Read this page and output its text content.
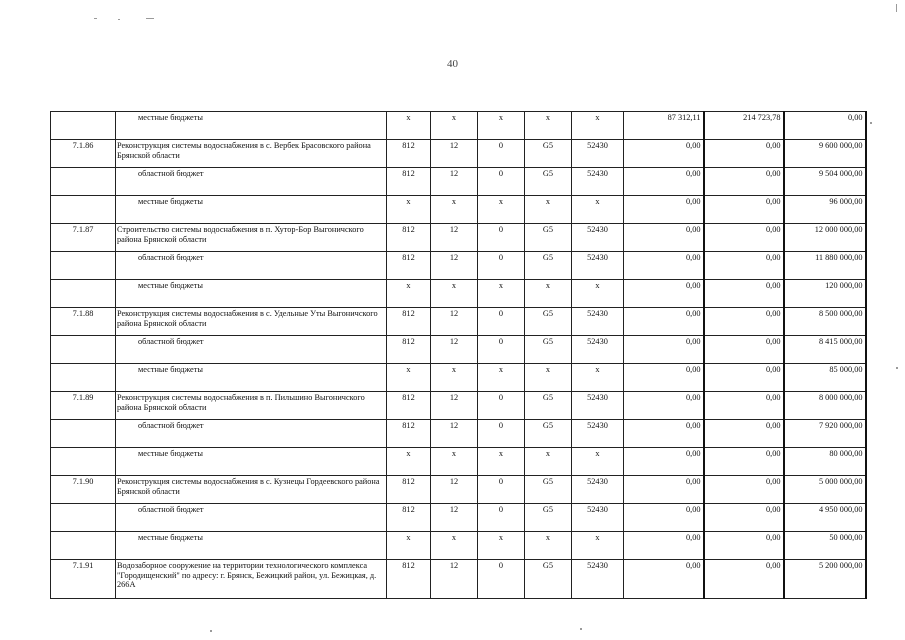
40
	местные бюджеты	x	x	x	x	x	87 312,11	214 723,78	0,00
7.1.86	Реконструкция системы водоснабжения в с. Вербек Брасовского района Брянской области	812	12	0	G5	52430	0,00	0,00	9 600 000,00
	областной бюджет	812	12	0	G5	52430	0,00	0,00	9 504 000,00
	местные бюджеты	x	x	x	x	x	0,00	0,00	96 000,00
7.1.87	Строительство системы водоснабжения в п. Хутор-Бор Выгоничского района Брянской области	812	12	0	G5	52430	0,00	0,00	12 000 000,00
	областной бюджет	812	12	0	G5	52430	0,00	0,00	11 880 000,00
	местные бюджеты	x	x	x	x	x	0,00	0,00	120 000,00
7.1.88	Реконструкция системы водоснабжения в с. Удельные Уты Выгоничского района Брянской области	812	12	0	G5	52430	0,00	0,00	8 500 000,00
	областной бюджет	812	12	0	G5	52430	0,00	0,00	8 415 000,00
	местные бюджеты	x	x	x	x	x	0,00	0,00	85 000,00
7.1.89	Реконструкция системы водоснабжения в п. Пильшино Выгоничского района Брянской области	812	12	0	G5	52430	0,00	0,00	8 000 000,00
	областной бюджет	812	12	0	G5	52430	0,00	0,00	7 920 000,00
	местные бюджеты	x	x	x	x	x	0,00	0,00	80 000,00
7.1.90	Реконструкция системы водоснабжения в с. Кузнецы Гордеевского района Брянской области	812	12	0	G5	52430	0,00	0,00	5 000 000,00
	областной бюджет	812	12	0	G5	52430	0,00	0,00	4 950 000,00
	местные бюджеты	x	x	x	x	x	0,00	0,00	50 000,00
7.1.91	Водозаборное сооружение на территории технологического комплекса "Городищенский" по адресу: г. Брянск, Бежицкий район, ул. Бежицкая, д. 266А	812	12	0	G5	52430	0,00	0,00	5 200 000,00
